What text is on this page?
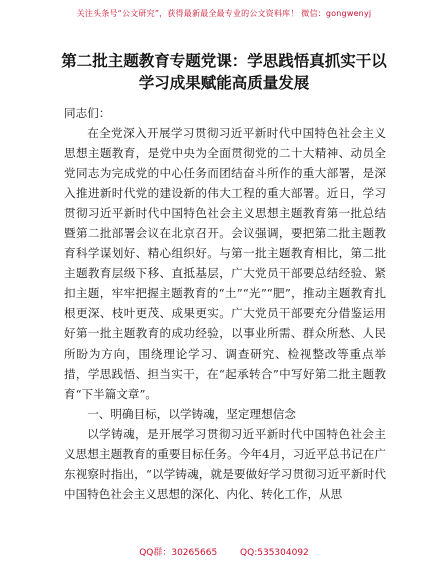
关注头条号“公文研究”，获得最新最全最专业的公文资料库！ 微信：gongwenyj
第二批主题教育专题党课：学思践悟真抓实干以学习成果赋能高质量发展
同志们：

在全党深入开展学习贯彻习近平新时代中国特色社会主义思想主题教育，是党中央为全面贯彻党的二十大精神、动员全党同志为完成党的中心任务而团结奋斗所作的重大部署，是深入推进新时代党的建设新的伟大工程的重大部署。近日，学习贯彻习近平新时代中国特色社会主义思想主题教育第一批总结暨第二批部署会议在北京召开。会议强调，要把第二批主题教育科学谋划好、精心组织好。与第一批主题教育相比，第二批主题教育层级下移、直抵基层，广大党员干部要总结经验、紧扣主题，牢牢把握主题教育的“土”“光”“肥”，推动主题教育扎根更深、枝叶更茂、成果更实。广大党员干部要充分借鉴运用好第一批主题教育的成功经验，以事业所需、群众所愁、人民所盼为方向，围绕理论学习、调查研究、检视整改等重点举措，学思践悟、担当实干，在“起承转合”中写好第二批主题教育“下半篇文章”。

一、明确目标，以学铸魂，坚定理想信念

以学铸魂，是开展学习贯彻习近平新时代中国特色社会主义思想主题教育的重要目标任务。今年4月，习近平总书记在广东视察时指出，“以学铸魂，就是要做好学习贯彻习近平新时代中国特色社会主义思想的深化、内化、转化工作，从思

QQ群：30265665	QQ:535304092
